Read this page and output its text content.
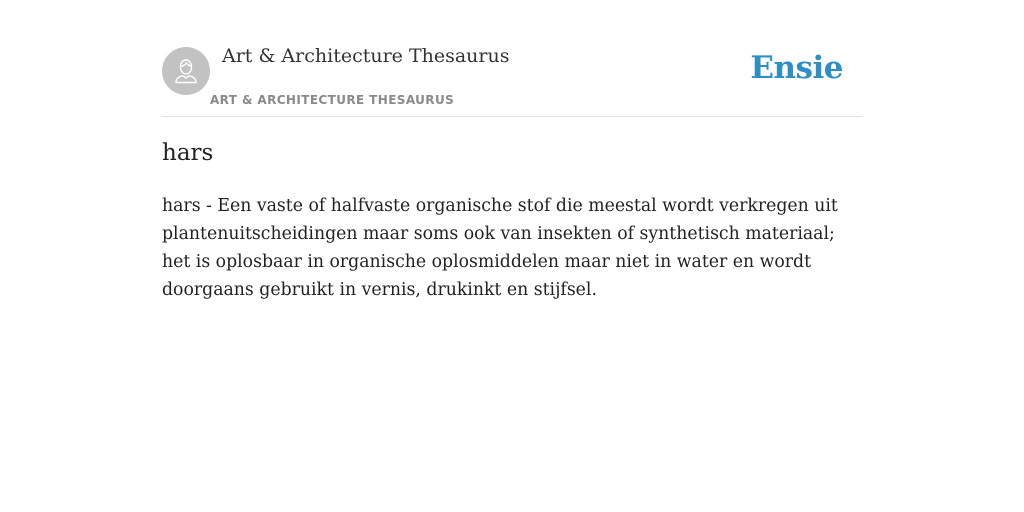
Art & Architecture Thesaurus
ART & ARCHITECTURE THESAURUS
Ensie
hars

hars - Een vaste of halfvaste organische stof die meestal wordt verkregen uit plantenuitscheidingen maar soms ook van insekten of synthetisch materiaal; het is oplosbaar in organische oplosmiddelen maar niet in water en wordt doorgaans gebruikt in vernis, drukinkt en stijfsel.
